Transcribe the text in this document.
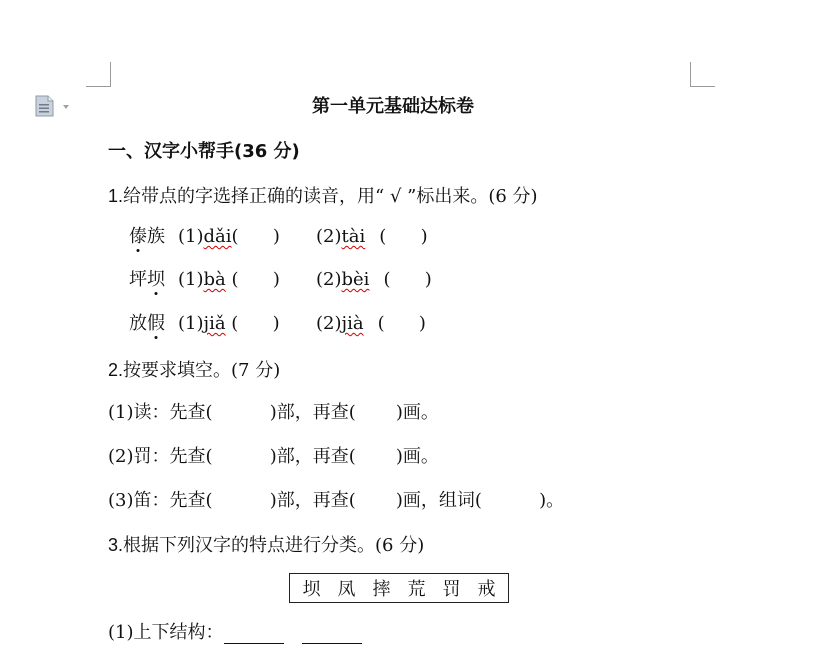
第一单元基础达标卷
一、汉字小帮手(36 分)
1.给带点的字选择正确的读音，用“ √ ”标出来。(6 分)
傣族 (1)dǎi(      ) (2)tài (      )
坪坝 (1)bà (      ) (2)bèi (      )
放假 (1)jiǎ (      ) (2)jià (      )
2.按要求填空。(7 分)
(1)读：先查(          )部，再查(       )画。
(2)罚：先查(          )部，再查(       )画。
(3)笛：先查(          )部，再查(       )画，组词(          )。
3.根据下列汉字的特点进行分类。(6 分)
坝 凤 摔 荒 罚 戒
(1)上下结构：
